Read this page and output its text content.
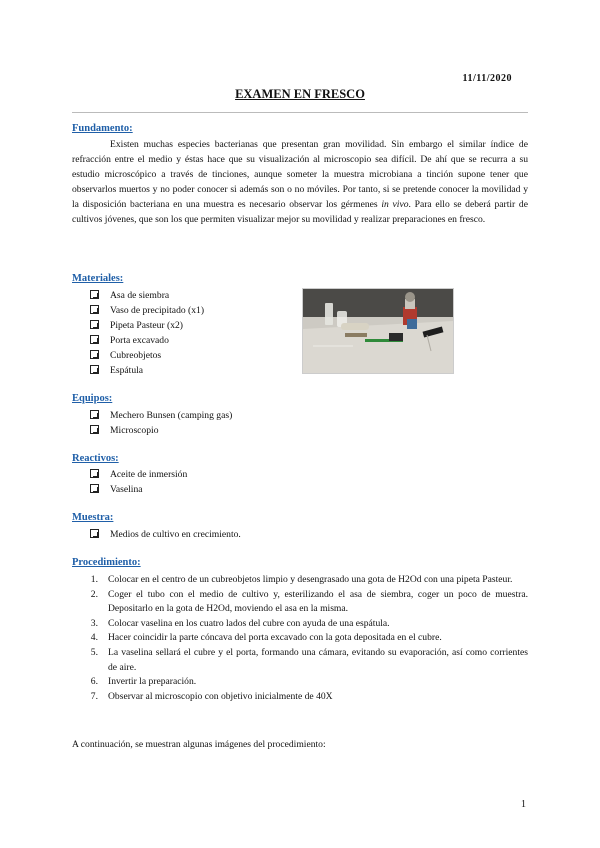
11/11/2020
EXAMEN EN FRESCO
Fundamento:
Existen muchas especies bacterianas que presentan gran movilidad. Sin embargo el similar índice de refracción entre el medio y éstas hace que su visualización al microscopio sea difícil. De ahí que se recurra a su estudio microscópico a través de tinciones, aunque someter la muestra microbiana a tinción supone tener que observarlos muertos y no poder conocer si además son o no móviles. Por tanto, si se pretende conocer la movilidad y la disposición bacteriana en una muestra es necesario observar los gérmenes in vivo. Para ello se deberá partir de cultivos jóvenes, que son los que permiten visualizar mejor su movilidad y realizar preparaciones en fresco.
Materiales:
Asa de siembra
Vaso de precipitado (x1)
Pipeta Pasteur (x2)
Porta excavado
Cubreobjetos
Espátula
Equipos:
Mechero Bunsen (camping gas)
Microscopio
Reactivos:
Aceite de inmersión
Vaselina
Muestra:
Medios de cultivo en crecimiento.
Procedimiento:
1.	Colocar en el centro de un cubreobjetos limpio y desengrasado una gota de H2Od con una pipeta Pasteur.
2.	Coger el tubo con el medio de cultivo y, esterilizando el asa de siembra, coger un poco de muestra. Depositarlo en la gota de H2Od, moviendo el asa en la misma.
3.	Colocar vaselina en los cuatro lados del cubre con ayuda de una espátula.
4.	Hacer coincidir la parte cóncava del porta excavado con la gota depositada en el cubre.
5.	La vaselina sellará el cubre y el porta, formando una cámara, evitando su evaporación, así como corrientes de aire.
6.	Invertir la preparación.
7.	Observar al microscopio con objetivo inicialmente de 40X
A continuación, se muestran algunas imágenes del procedimiento:
1
